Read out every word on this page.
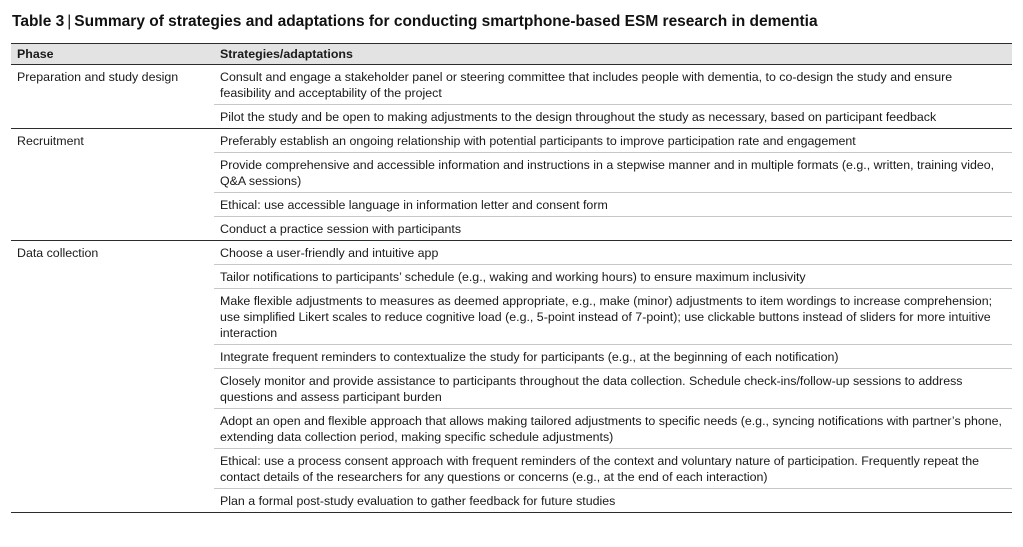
Table 3 | Summary of strategies and adaptations for conducting smartphone-based ESM research in dementia
Phase	Strategies/adaptations
Preparation and study design	Consult and engage a stakeholder panel or steering committee that includes people with dementia, to co-design the study and ensure feasibility and acceptability of the project
	Pilot the study and be open to making adjustments to the design throughout the study as necessary, based on participant feedback
Recruitment	Preferably establish an ongoing relationship with potential participants to improve participation rate and engagement
	Provide comprehensive and accessible information and instructions in a stepwise manner and in multiple formats (e.g., written, training video, Q&A sessions)
	Ethical: use accessible language in information letter and consent form
	Conduct a practice session with participants
Data collection	Choose a user-friendly and intuitive app
	Tailor notifications to participants’ schedule (e.g., waking and working hours) to ensure maximum inclusivity
	Make flexible adjustments to measures as deemed appropriate, e.g., make (minor) adjustments to item wordings to increase comprehension; use simplified Likert scales to reduce cognitive load (e.g., 5-point instead of 7-point); use clickable buttons instead of sliders for more intuitive interaction
	Integrate frequent reminders to contextualize the study for participants (e.g., at the beginning of each notification)
	Closely monitor and provide assistance to participants throughout the data collection. Schedule check-ins/follow-up sessions to address questions and assess participant burden
	Adopt an open and flexible approach that allows making tailored adjustments to specific needs (e.g., syncing notifications with partner’s phone, extending data collection period, making specific schedule adjustments)
	Ethical: use a process consent approach with frequent reminders of the context and voluntary nature of participation. Frequently repeat the contact details of the researchers for any questions or concerns (e.g., at the end of each interaction)
	Plan a formal post-study evaluation to gather feedback for future studies
